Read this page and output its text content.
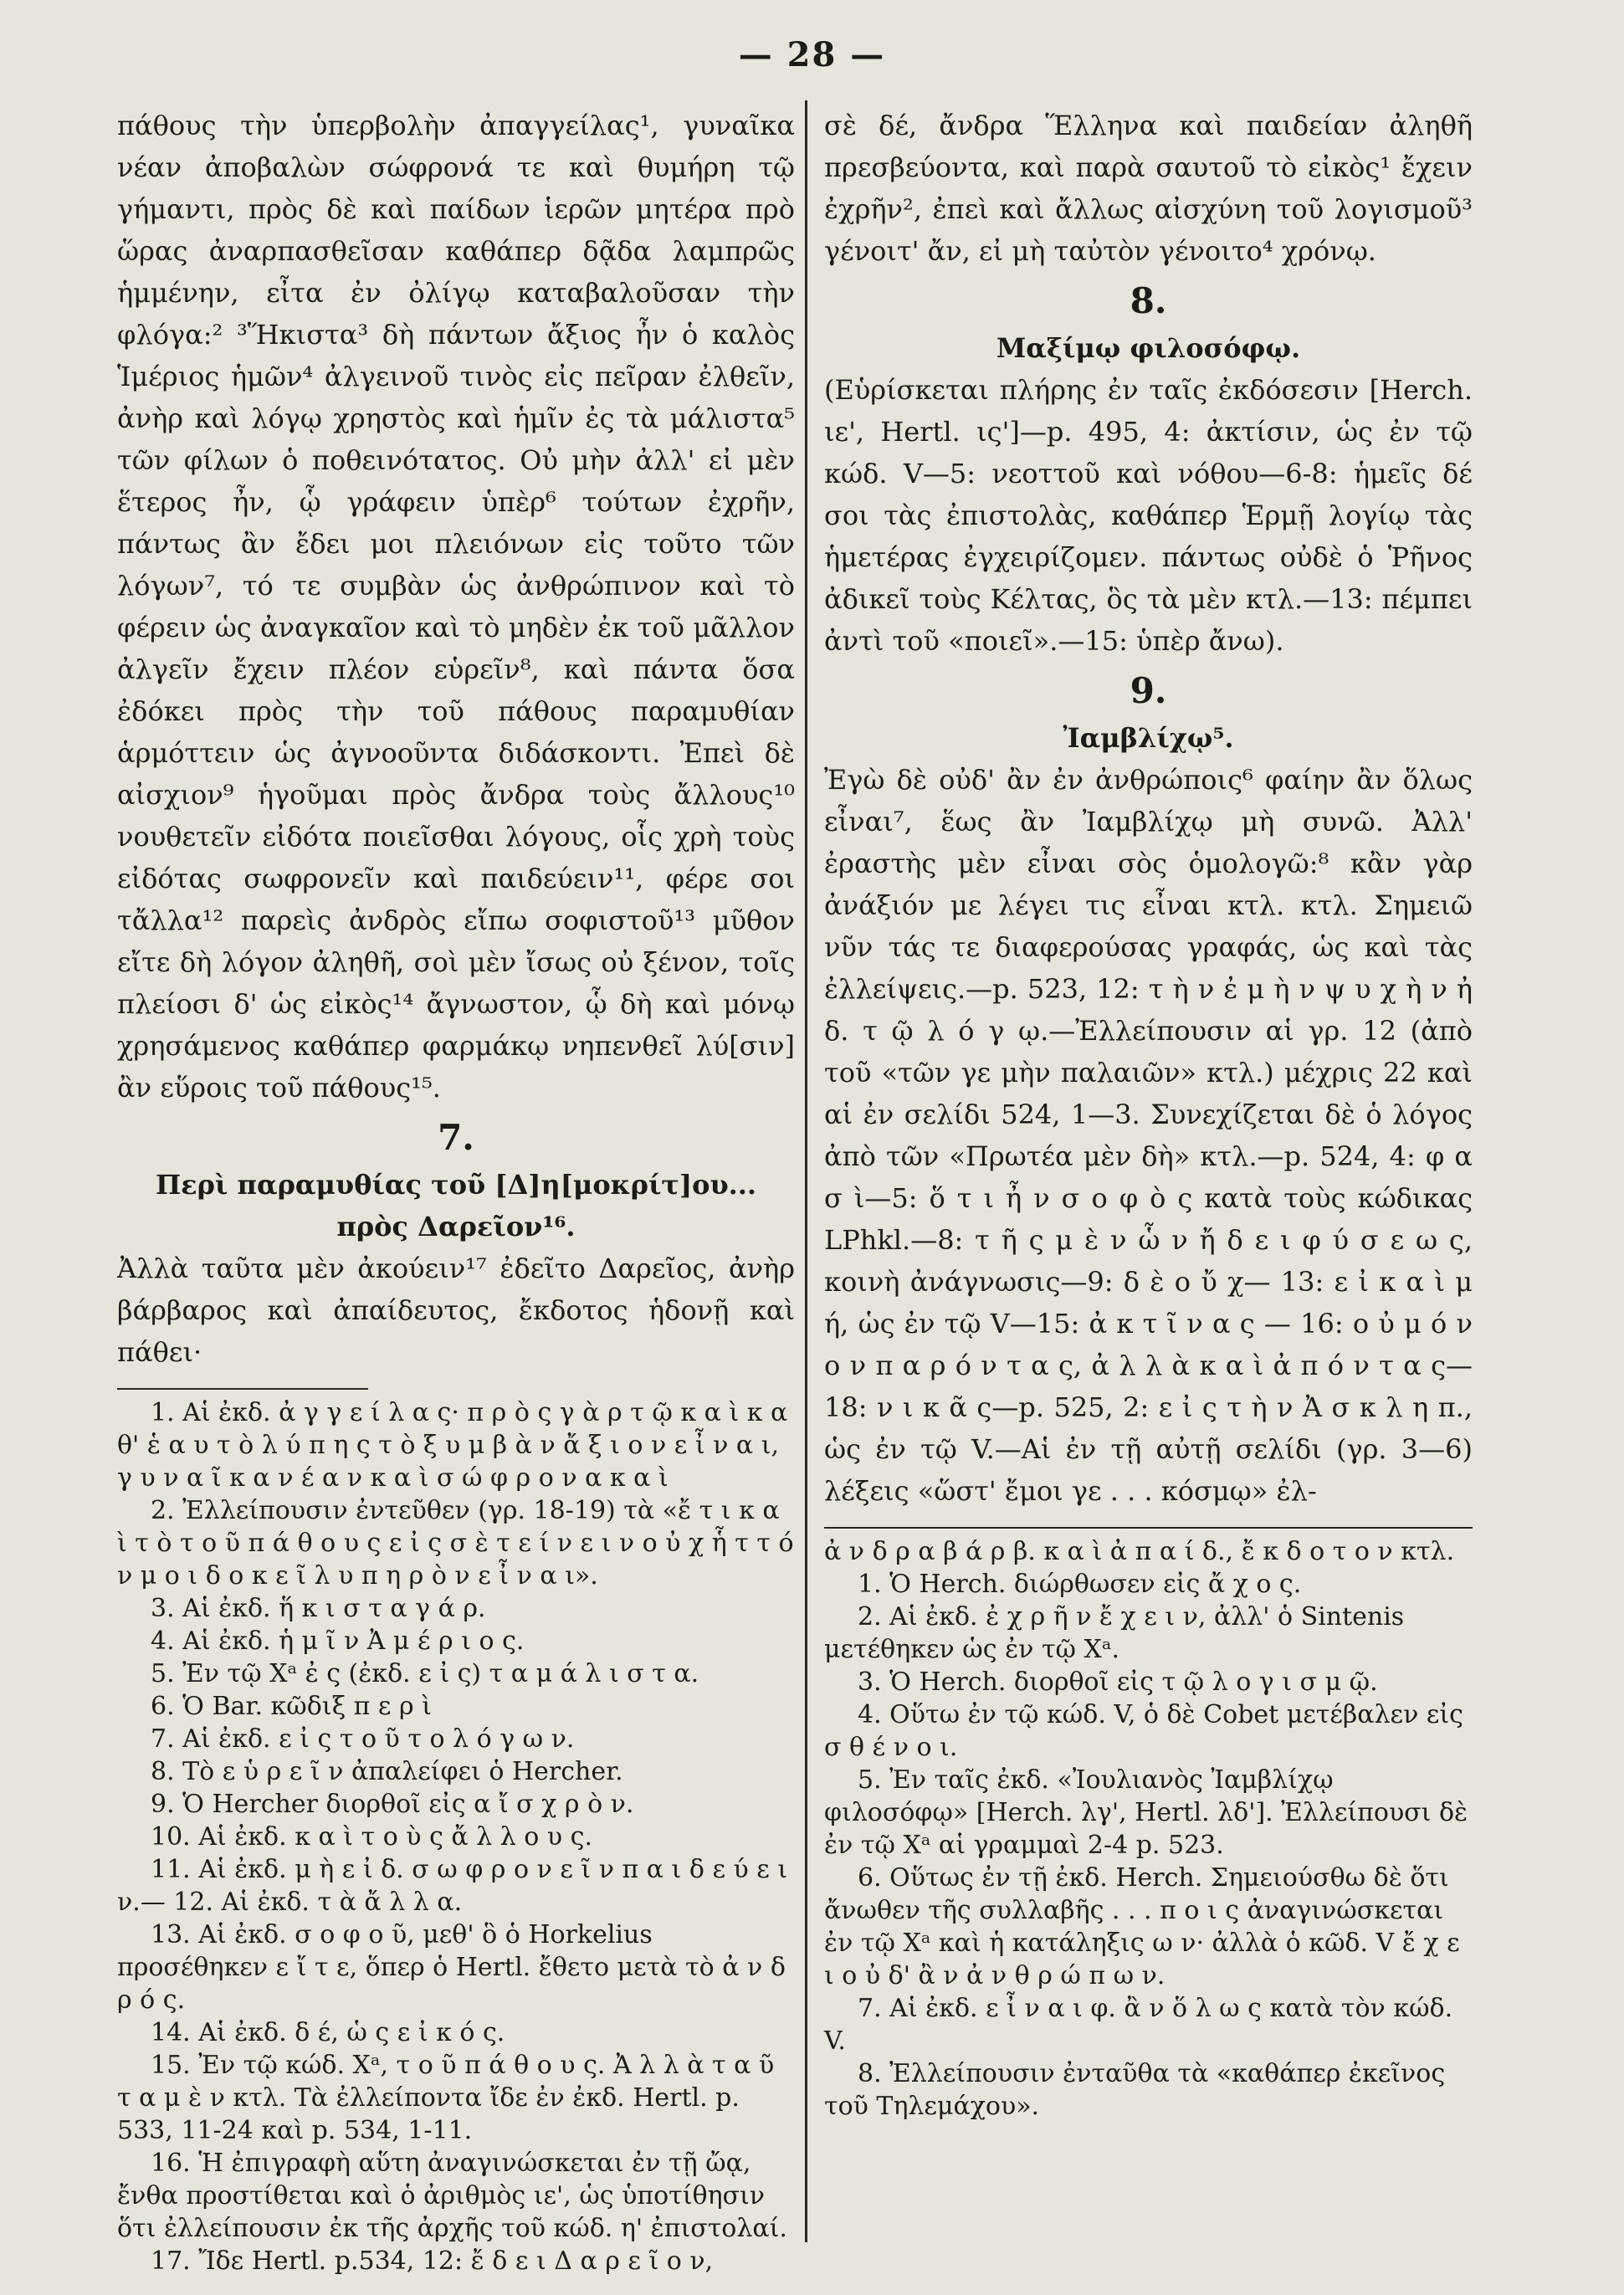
— 28 —

πάθους τὴν ὑπερβολὴν ἀπαγγείλας¹, γυναῖκα νέαν ἀποβαλὼν σώφρονά τε καὶ θυμήρη τῷ γήμαντι, πρὸς δὲ καὶ παίδων ἱερῶν μητέρα πρὸ ὥρας ἀναρπασθεῖσαν καθάπερ δᾷδα λαμπρῶς ἡμμένην, εἶτα ἐν ὀλίγῳ καταβαλοῦσαν τὴν φλόγα:² ³Ἥκιστα³ δὴ πάντων ἄξιος ἦν ὁ καλὸς Ἱμέριος ἡμῶν⁴ ἀλγεινοῦ τινὸς εἰς πεῖραν ἐλθεῖν, ἀνὴρ καὶ λόγῳ χρηστὸς καὶ ἡμῖν ἐς τὰ μάλιστα⁵ τῶν φίλων ὁ ποθεινότατος. Οὐ μὴν ἀλλ' εἰ μὲν ἕτερος ἦν, ᾧ γράφειν ὑπὲρ⁶ τούτων ἐχρῆν, πάντως ἂν ἔδει μοι πλειόνων εἰς τοῦτο τῶν λόγων⁷, τό τε συμβὰν ὡς ἀνθρώπινον καὶ τὸ φέρειν ὡς ἀναγκαῖον καὶ τὸ μηδὲν ἐκ τοῦ μᾶλλον ἀλγεῖν ἔχειν πλέον εὑρεῖν⁸, καὶ πάντα ὅσα ἐδόκει πρὸς τὴν τοῦ πάθους παραμυθίαν ἁρμόττειν ὡς ἀγνοοῦντα διδάσκοντι. Ἐπεὶ δὲ αἰσχιον⁹ ἡγοῦμαι πρὸς ἄνδρα τοὺς ἄλλους¹⁰ νουθετεῖν εἰδότα ποιεῖσθαι λόγους, οἷς χρὴ τοὺς εἰδότας σωφρονεῖν καὶ παιδεύειν¹¹, φέρε σοι τἄλλα¹² παρεὶς ἀνδρὸς εἴπω σοφιστοῦ¹³ μῦθον εἴτε δὴ λόγον ἀληθῆ, σοὶ μὲν ἴσως οὐ ξένον, τοῖς πλείοσι δ' ὡς εἰκὸς¹⁴ ἄγνωστον, ᾧ δὴ καὶ μόνῳ χρησάμενος καθάπερ φαρμάκῳ νηπενθεῖ λύ[σιν] ἂν εὕροις τοῦ πάθους¹⁵.

7.

Περὶ παραμυθίας τοῦ [Δ]η[μοκρίτ]ου...

πρὸς Δαρεῖον¹⁶.

Ἀλλὰ ταῦτα μὲν ἀκούειν¹⁷ ἐδεῖτο Δαρεῖος, ἀνὴρ βάρβαρος καὶ ἀπαίδευτος, ἔκδοτος ἡδονῇ καὶ πάθει·

1. Αἱ ἐκδ. ἀ γ γ ε ί λ α ς· π ρ ὸ ς γ ὰ ρ τ ῷ κ α ὶ κ α θ' ἑ α υ τ ὸ λ ύ π η ς τ ὸ ξ υ μ β ὰ ν ἄ ξ ι ο ν ε ἶ ν α ι, γ υ ν α ῖ κ α ν έ α ν κ α ὶ σ ώ φ ρ ο ν α κ α ὶ

2. Ἐλλείπουσιν ἐντεῦθεν (γρ. 18-19) τὰ «ἔ τ ι κ α ὶ τ ὸ τ ο ῦ π ά θ ο υ ς ε ἰ ς σ ὲ τ ε ί ν ε ι ν ο ὐ χ ἧ τ τ ό ν μ ο ι δ ο κ ε ῖ λ υ π η ρ ὸ ν ε ἶ ν α ι».

3. Αἱ ἐκδ. ἥ κ ι σ τ α γ ά ρ.

4. Αἱ ἐκδ. ἡ μ ῖ ν Ἀ μ έ ρ ι ο ς.

5. Ἐν τῷ Xᵃ ἐ ς (ἐκδ. ε ἰ ς) τ α μ ά λ ι σ τ α.

6. Ὁ Bar. κῶδιξ π ε ρ ὶ

7. Αἱ ἐκδ. ε ἰ ς τ ο ῦ τ ο λ ό γ ω ν.

8. Τὸ ε ὑ ρ ε ῖ ν ἀπαλείφει ὁ Hercher.

9. Ὁ Hercher διορθοῖ εἰς α ἴ σ χ ρ ὸ ν.

10. Αἱ ἐκδ. κ α ὶ τ ο ὺ ς ἄ λ λ ο υ ς.

11. Αἱ ἐκδ. μ ὴ ε ἰ δ. σ ω φ ρ ο ν ε ῖ ν π α ι δ ε ύ ε ι ν.— 12. Αἱ ἐκδ. τ ὰ ἄ λ λ α.

13. Αἱ ἐκδ. σ ο φ ο ῦ, μεθ' ὃ ὁ Horkelius προσέθηκεν ε ἴ τ ε, ὅπερ ὁ Hertl. ἔθετο μετὰ τὸ ἀ ν δ ρ ό ς.

14. Αἱ ἐκδ. δ έ, ὡ ς ε ἰ κ ό ς.

15. Ἐν τῷ κώδ. Xᵃ, τ ο ῦ π ά θ ο υ ς. Ἀ λ λ ὰ τ α ῦ τ α μ ὲ ν κτλ. Τὰ ἐλλείποντα ἴδε ἐν ἐκδ. Hertl. p. 533, 11-24 καὶ p. 534, 1-11.

16. Ἡ ἐπιγραφὴ αὕτη ἀναγινώσκεται ἐν τῇ ὤᾳ, ἔνθα προστίθεται καὶ ὁ ἀριθμὸς ιε', ὡς ὑποτίθησιν ὅτι ἐλλείπουσιν ἐκ τῆς ἀρχῆς τοῦ κώδ. η' ἐπιστολαί.

17. Ἴδε Hertl. p.534, 12: ἔ δ ε ι Δ α ρ ε ῖ ο ν,

σὲ δέ, ἄνδρα Ἕλληνα καὶ παιδείαν ἀληθῆ πρεσβεύοντα, καὶ παρὰ σαυτοῦ τὸ εἰκὸς¹ ἔχειν ἐχρῆν², ἐπεὶ καὶ ἄλλως αἰσχύνη τοῦ λογισμοῦ³ γένοιτ' ἄν, εἰ μὴ ταὐτὸν γένοιτο⁴ χρόνῳ.

8.

Μαξίμῳ φιλοσόφῳ.

(Εὑρίσκεται πλήρης ἐν ταῖς ἐκδόσεσιν [Herch. ιε', Hertl. ις']—p. 495, 4: ἀκτίσιν, ὡς ἐν τῷ κώδ. V—5: νεοττοῦ καὶ νόθου—6-8: ἡμεῖς δέ σοι τὰς ἐπιστολὰς, καθάπερ Ἑρμῇ λογίῳ τὰς ἡμετέρας ἐγχειρίζομεν. πάντως οὐδὲ ὁ Ῥῆνος ἀδικεῖ τοὺς Κέλτας, ὃς τὰ μὲν κτλ.—13: πέμπει ἀντὶ τοῦ «ποιεῖ».—15: ὑπὲρ ἄνω).

9.

Ἰαμβλίχῳ⁵.

Ἐγὼ δὲ οὐδ' ἂν ἐν ἀνθρώποις⁶ φαίην ἂν ὅλως εἶναι⁷, ἕως ἂν Ἰαμβλίχῳ μὴ συνῶ. Ἀλλ' ἐραστὴς μὲν εἶναι σὸς ὁμολογῶ:⁸ κἂν γὰρ ἀνάξιόν με λέγει τις εἶναι κτλ. κτλ. Σημειῶ νῦν τάς τε διαφερούσας γραφάς, ὡς καὶ τὰς ἐλλείψεις.—p. 523, 12: τ ὴ ν ἐ μ ὴ ν ψ υ χ ὴ ν ἠ δ. τ ῷ λ ό γ ῳ.—Ἐλλείπουσιν αἱ γρ. 12 (ἀπὸ τοῦ «τῶν γε μὴν παλαιῶν» κτλ.) μέχρις 22 καὶ αἱ ἐν σελίδι 524, 1—3. Συνεχίζεται δὲ ὁ λόγος ἀπὸ τῶν «Πρωτέα μὲν δὴ» κτλ.—p. 524, 4: φ α σ ὶ—5: ὅ τ ι ἦ ν σ ο φ ὸ ς κατὰ τοὺς κώδικας LPhkl.—8: τ ῆ ς μ ὲ ν ὧ ν ἤ δ ε ι φ ύ σ ε ω ς, κοινὴ ἀνάγνωσις—9: δ ὲ ο ὔ χ— 13: ε ἰ κ α ὶ μ ή, ὡς ἐν τῷ V—15: ἀ κ τ ῖ ν α ς — 16: ο ὐ μ ό ν ο ν π α ρ ό ν τ α ς, ἀ λ λ ὰ κ α ὶ ἀ π ό ν τ α ς—18: ν ι κ ᾶ ς—p. 525, 2: ε ἰ ς τ ὴ ν Ἀ σ κ λ η π., ὡς ἐν τῷ V.—Αἱ ἐν τῇ αὐτῇ σελίδι (γρ. 3—6) λέξεις «ὥστ' ἔμοι γε . . . κόσμῳ» ἐλ-

ἀ ν δ ρ α β ά ρ β. κ α ὶ ἀ π α ί δ., ἔ κ δ ο τ ο ν κτλ.

1. Ὁ Herch. διώρθωσεν εἰς ἄ χ ο ς.

2. Αἱ ἐκδ. ἐ χ ρ ῆ ν ἔ χ ε ι ν, ἀλλ' ὁ Sintenis μετέθηκεν ὡς ἐν τῷ Xᵃ.

3. Ὁ Herch. διορθοῖ εἰς τ ῷ λ ο γ ι σ μ ῷ.

4. Οὕτω ἐν τῷ κώδ. V, ὁ δὲ Cobet μετέβαλεν εἰς σ θ έ ν ο ι.

5. Ἐν ταῖς ἐκδ. «Ἰουλιανὸς Ἰαμβλίχῳ φιλοσόφῳ» [Herch. λγ', Hertl. λδ']. Ἐλλείπουσι δὲ ἐν τῷ Xᵃ αἱ γραμμαὶ 2-4 p. 523.

6. Οὕτως ἐν τῇ ἐκδ. Herch. Σημειούσθω δὲ ὅτι ἄνωθεν τῆς συλλαβῆς . . . π ο ι ς ἀναγινώσκεται ἐν τῷ Xᵃ καὶ ἡ κατάληξις ω ν· ἀλλὰ ὁ κῶδ. V ἔ χ ε ι ο ὐ δ' ἂ ν ἀ ν θ ρ ώ π ω ν.

7. Αἱ ἐκδ. ε ἶ ν α ι φ. ἂ ν ὅ λ ω ς κατὰ τὸν κώδ. V.

8. Ἐλλείπουσιν ἐνταῦθα τὰ «καθάπερ ἐκεῖνος τοῦ Τηλεμάχου».
